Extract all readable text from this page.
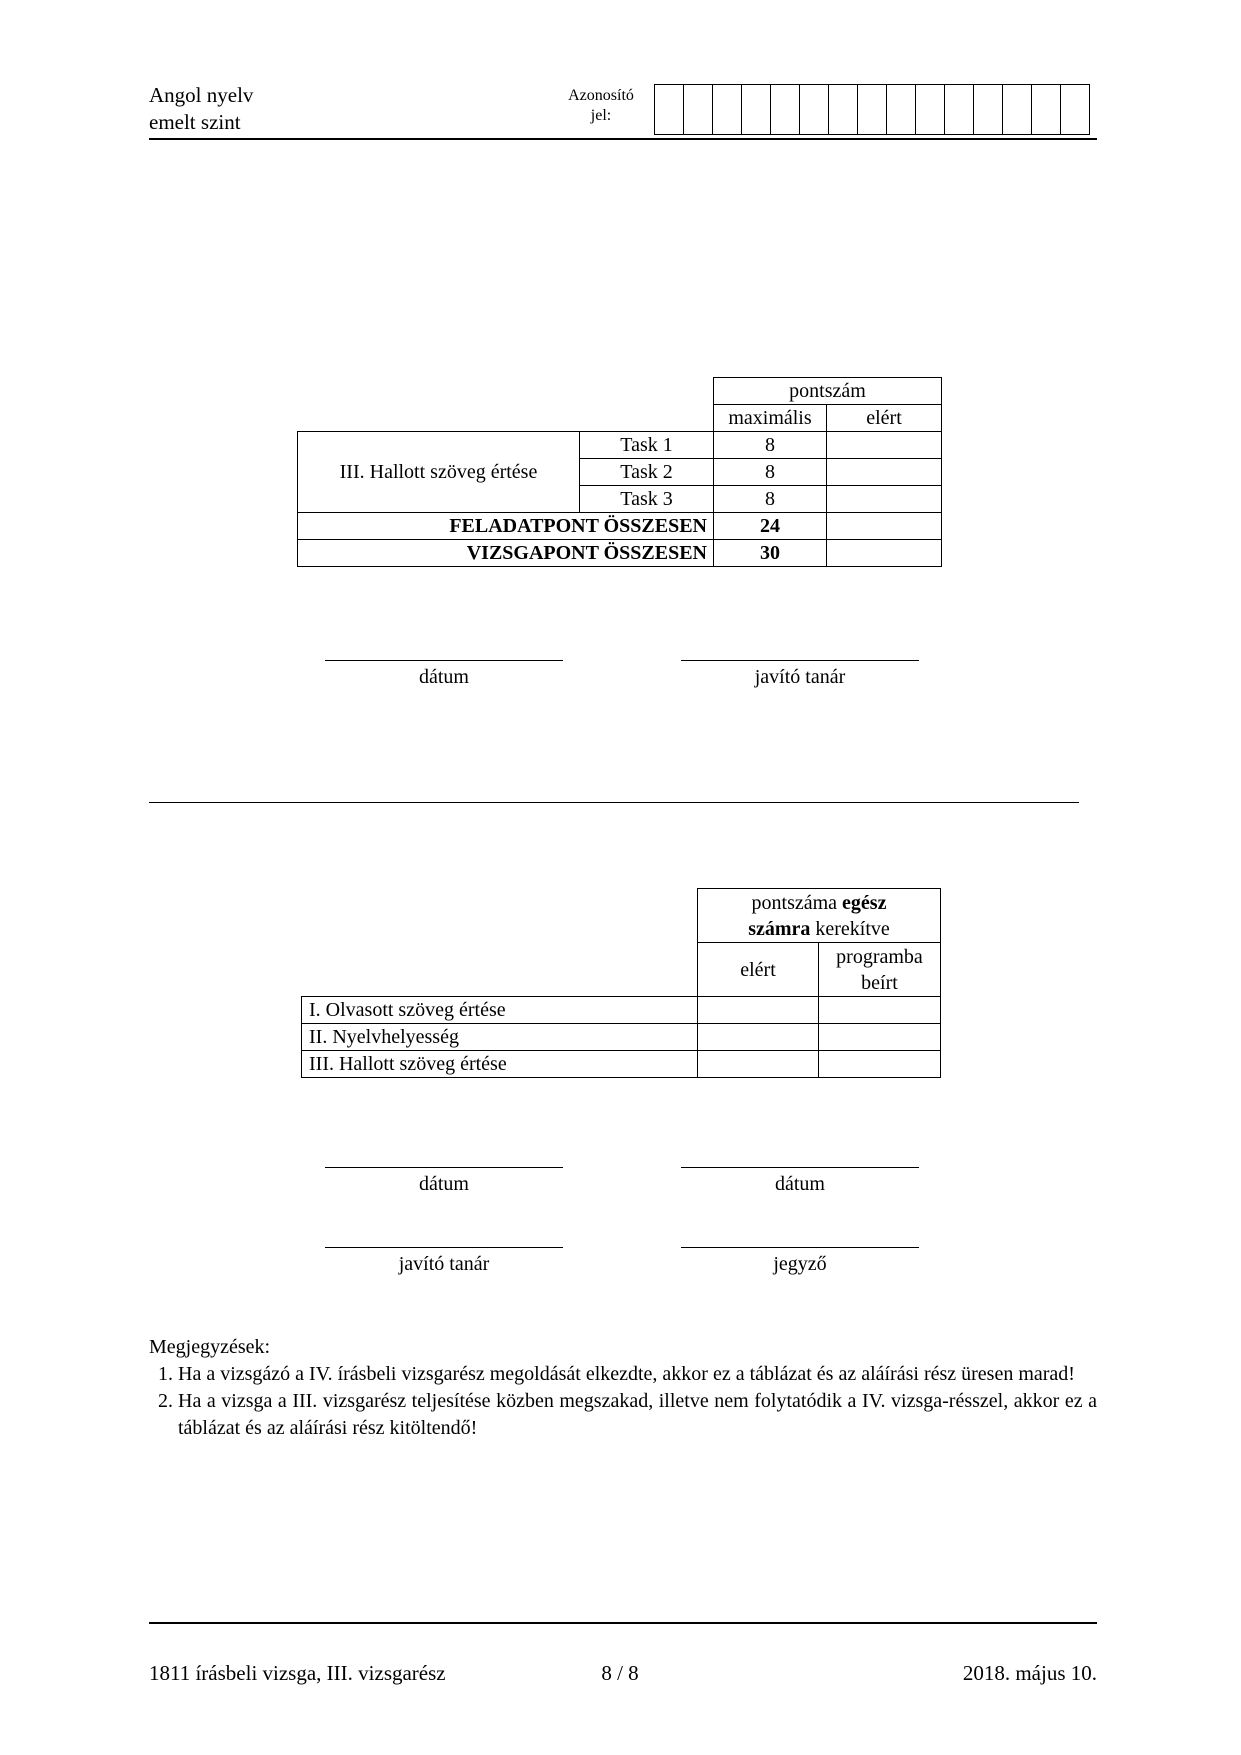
Angol nyelv
emelt szint
Azonosító
jel:
		pontszám	
		maximális	elért
III. Hallott szöveg értése	Task 1	8	
	Task 2	8	
	Task 3	8	
FELADATPONT ÖSSZESEN		24	
VIZSGAPONT ÖSSZESEN		30	
dátum	javító tanár
	pontszáma egész
számra kerekítve	
	elért	programba
beírt
I. Olvasott szöveg értése		
II. Nyelvhelyesség		
III. Hallott szöveg értése		
dátum	dátum
javító tanár	jegyző
Megjegyzések:
1. Ha a vizsgázó a IV. írásbeli vizsgarész megoldását elkezdte, akkor ez a táblázat és az aláírási rész üresen marad!
2. Ha a vizsga a III. vizsgarész teljesítése közben megszakad, illetve nem folytatódik a IV. vizsga-résszel, akkor ez a táblázat és az aláírási rész kitöltendő!
1811 írásbeli vizsga, III. vizsgarész	8 / 8	2018. május 10.
